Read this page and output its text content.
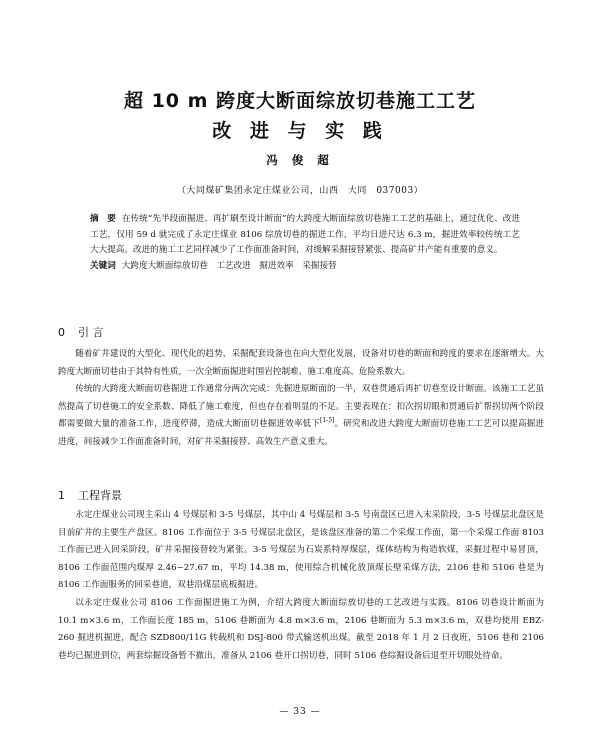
超 10 m 跨度大断面综放切巷施工工艺
改 进 与 实 践
冯 俊 超
（大同煤矿集团永定庄煤业公司，山西　大同　037003）
摘　要 在传统“先半段面掘进、再扩刷至设计断面”的大跨度大断面综放切巷施工工艺的基础上，通过优化、改进工艺，仅用 59 d 就完成了永定庄煤业 8106 综放切巷的掘进工作，平均日进尺达 6.3 m，掘进效率较传统工艺大大提高。改进的施工工艺同样减少了工作面准备时间，对缓解采掘接替紧张、提高矿井产能有重要的意义。
关键词 大跨度大断面综放切巷　工艺改进　掘进效率　采掘接替
0 引 言

随着矿井建设的大型化、现代化的趋势，采掘配套设备也在向大型化发展，设备对切巷的断面和跨度的要求在逐渐增大。大跨度大断面切巷由于其特有性质，一次全断面掘进时围岩控制难、施工难度高、危险系数大。

传统的大跨度大断面切巷掘进工作通常分两次完成：先掘进原断面的一半，双巷贯通后再扩切巷至设计断面。该施工工艺虽然提高了切巷施工的安全系数、降低了施工难度，但也存在着明显的不足。主要表现在：扣次拐切眼和贯通后扩帮拐切两个阶段都需要做大量的准备工作，进度停滞，造成大断面切巷掘进效率低下[1-5]。研究和改进大跨度大断面切巷施工工艺可以提高掘进进度，间接减少工作面准备时间，对矿井采掘接替、高效生产意义重大。

1 工程背景

永定庄煤业公司现主采山 4 号煤层和 3-5 号煤层，其中山 4 号煤层和 3-5 号南盘区已进入末采阶段，3-5 号煤层北盘区是目前矿井的主要生产盘区。8106 工作面位于 3-5 号煤层北盘区，是该盘区准备的第二个采煤工作面，第一个采煤工作面 8103 工作面已进入回采阶段，矿井采掘接替较为紧张。3-5 号煤层为石炭系特厚煤层，煤体结构为构造软煤，采掘过程中易冒顶，8106 工作面范围内煤厚 2.46~27.67 m，平均 14.38 m，使用综合机械化放顶煤长壁采煤方法，2106 巷和 5106 巷是为 8106 工作面服务的回采巷道，双巷沿煤层底板掘进。

以永定庄煤业公司 8106 工作面掘进施工为例，介绍大跨度大断面综放切巷的工艺改进与实践。8106 切巷设计断面为 10.1 m×3.6 m，工作面长度 185 m，5106 巷断面为 4.8 m×3.6 m，2106 巷断面为 5.3 m×3.6 m，双巷均使用 EBZ-260 掘进机掘进，配合 SZD800/11G 转载机和 DSJ-800 带式输送机出煤。截至 2018 年 1 月 2 日夜班，5106 巷和 2106 巷均已掘进到位，两套综掘设备暂不撤出，准备从 2106 巷开口拐切巷，同时 5106 巷综掘设备后退至开切眼处待命。

— 33 —
